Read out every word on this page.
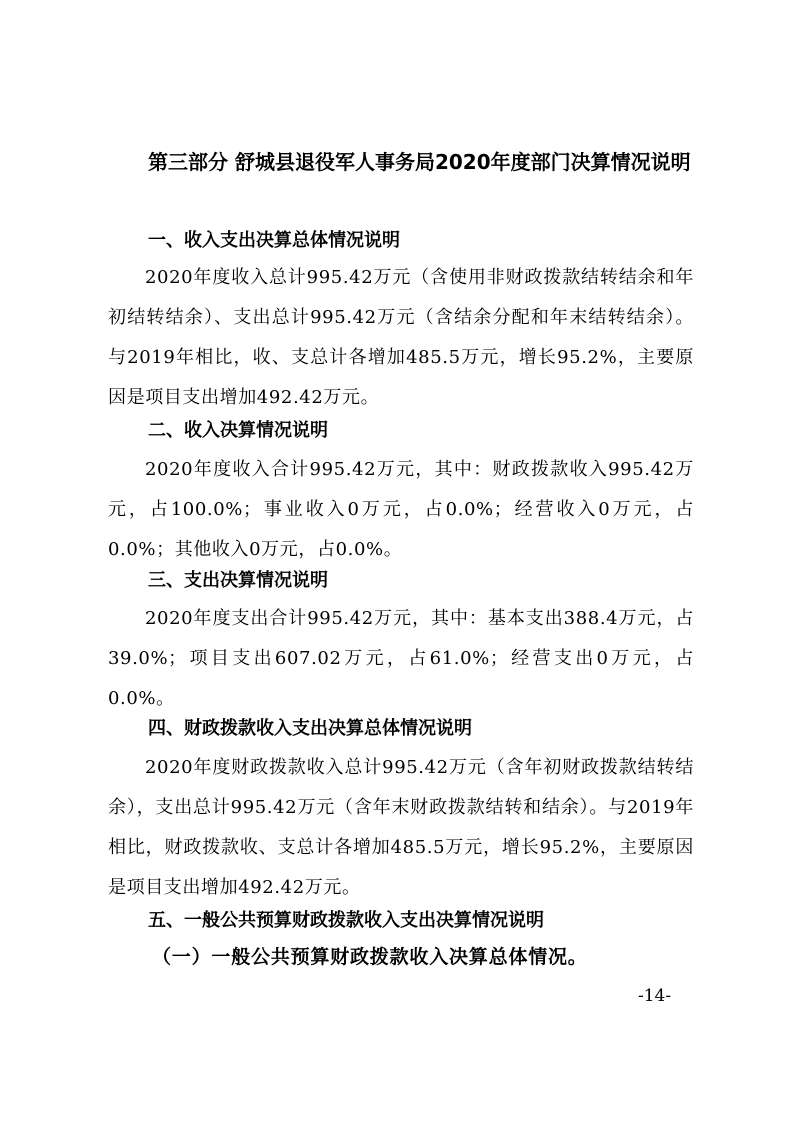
第三部分 舒城县退役军人事务局2020年度部门决算情况说明
一、收入支出决算总体情况说明
2020年度收入总计995.42万元（含使用非财政拨款结转结余和年初结转结余）、支出总计995.42万元（含结余分配和年末结转结余）。与2019年相比，收、支总计各增加485.5万元，增长95.2%，主要原因是项目支出增加492.42万元。
二、收入决算情况说明
2020年度收入合计995.42万元，其中：财政拨款收入995.42万元，占100.0%；事业收入0万元，占0.0%；经营收入0万元，占0.0%；其他收入0万元，占0.0%。
三、支出决算情况说明
2020年度支出合计995.42万元，其中：基本支出388.4万元，占39.0%；项目支出607.02万元，占61.0%；经营支出0万元，占0.0%。
四、财政拨款收入支出决算总体情况说明
2020年度财政拨款收入总计995.42万元（含年初财政拨款结转结余），支出总计995.42万元（含年末财政拨款结转和结余）。与2019年相比，财政拨款收、支总计各增加485.5万元，增长95.2%，主要原因是项目支出增加492.42万元。
五、一般公共预算财政拨款收入支出决算情况说明
（一）一般公共预算财政拨款收入决算总体情况。
-14-
